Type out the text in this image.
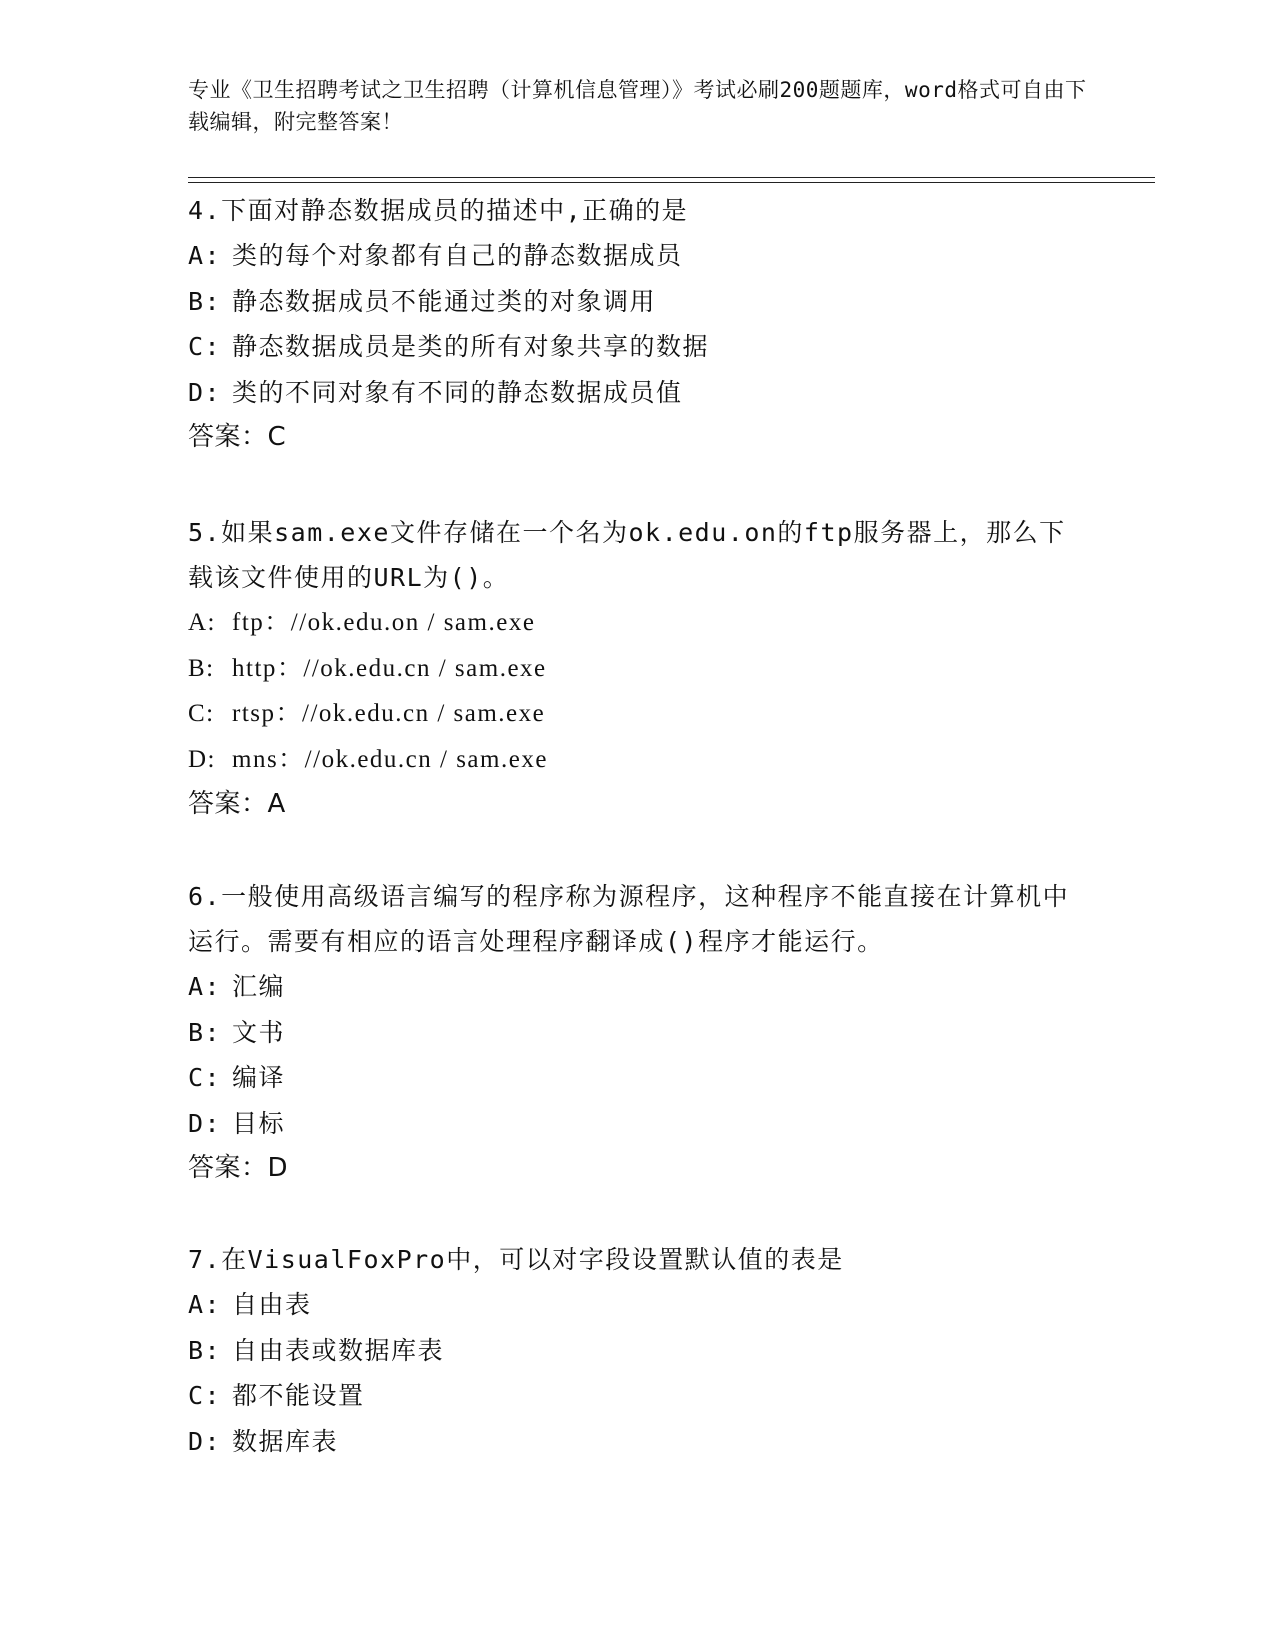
专业《卫生招聘考试之卫生招聘（计算机信息管理）》考试必刷200题题库，word格式可自由下载编辑，附完整答案！

4.下面对静态数据成员的描述中,正确的是

A: 类的每个对象都有自己的静态数据成员

B: 静态数据成员不能通过类的对象调用

C: 静态数据成员是类的所有对象共享的数据

D: 类的不同对象有不同的静态数据成员值

答案：C

5.如果sam.exe文件存储在一个名为ok.edu.on的ftp服务器上，那么下载该文件使用的URL为()。

A: ftp：//ok.edu.on / sam.exe

B: http：//ok.edu.cn / sam.exe

C: rtsp：//ok.edu.cn / sam.exe

D: mns：//ok.edu.cn / sam.exe

答案：A

6.一般使用高级语言编写的程序称为源程序，这种程序不能直接在计算机中运行。需要有相应的语言处理程序翻译成()程序才能运行。

A: 汇编

B: 文书

C: 编译

D: 目标

答案：D

7.在VisualFoxPro中，可以对字段设置默认值的表是

A: 自由表

B: 自由表或数据库表

C: 都不能设置

D: 数据库表
